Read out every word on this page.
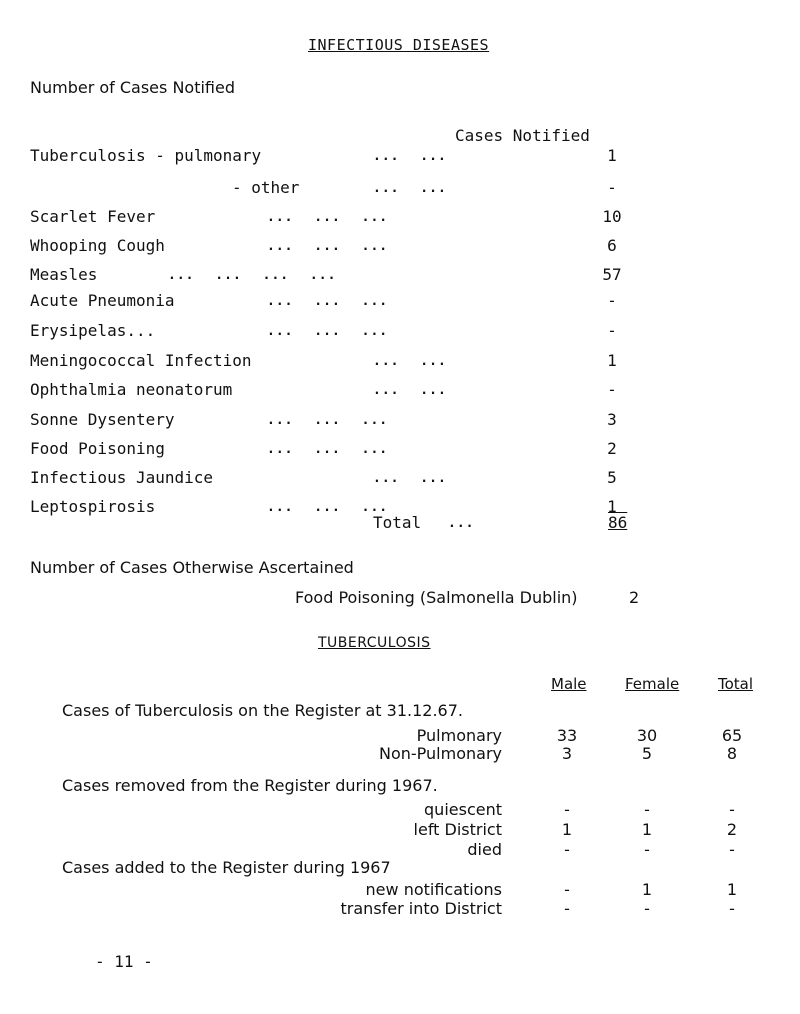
INFECTIOUS DISEASES
Number of Cases Notified
Cases Notified
Tuberculosis - pulmonary	... ...	1
- other	... ...	-
Scarlet Fever	... ... ...	10
Whooping Cough	... ... ...	6
Measles	... ... ... ...	57
Acute Pneumonia	... ... ...	-
Erysipelas...	... ... ...	-
Meningococcal Infection	... ...	1
Ophthalmia neonatorum	... ...	-
Sonne Dysentery	... ... ...	3
Food Poisoning	... ... ...	2
Infectious Jaundice	... ...	5
Leptospirosis	... ... ...	1
Total ...	86
Number of Cases Otherwise Ascertained
Food Poisoning (Salmonella Dublin)	2
TUBERCULOSIS
Male	Female	Total
Cases of Tuberculosis on the Register at 31.12.67.
Cases removed from the Register during 1967.
Cases added to the Register during 1967
Pulmonary	33	30	65
Non-Pulmonary	3	5	8
quiescent	-	-	-
left District	1	1	2
died	-	-	-
new notifications	-	1	1
transfer into District	-	-	-
- 11 -
